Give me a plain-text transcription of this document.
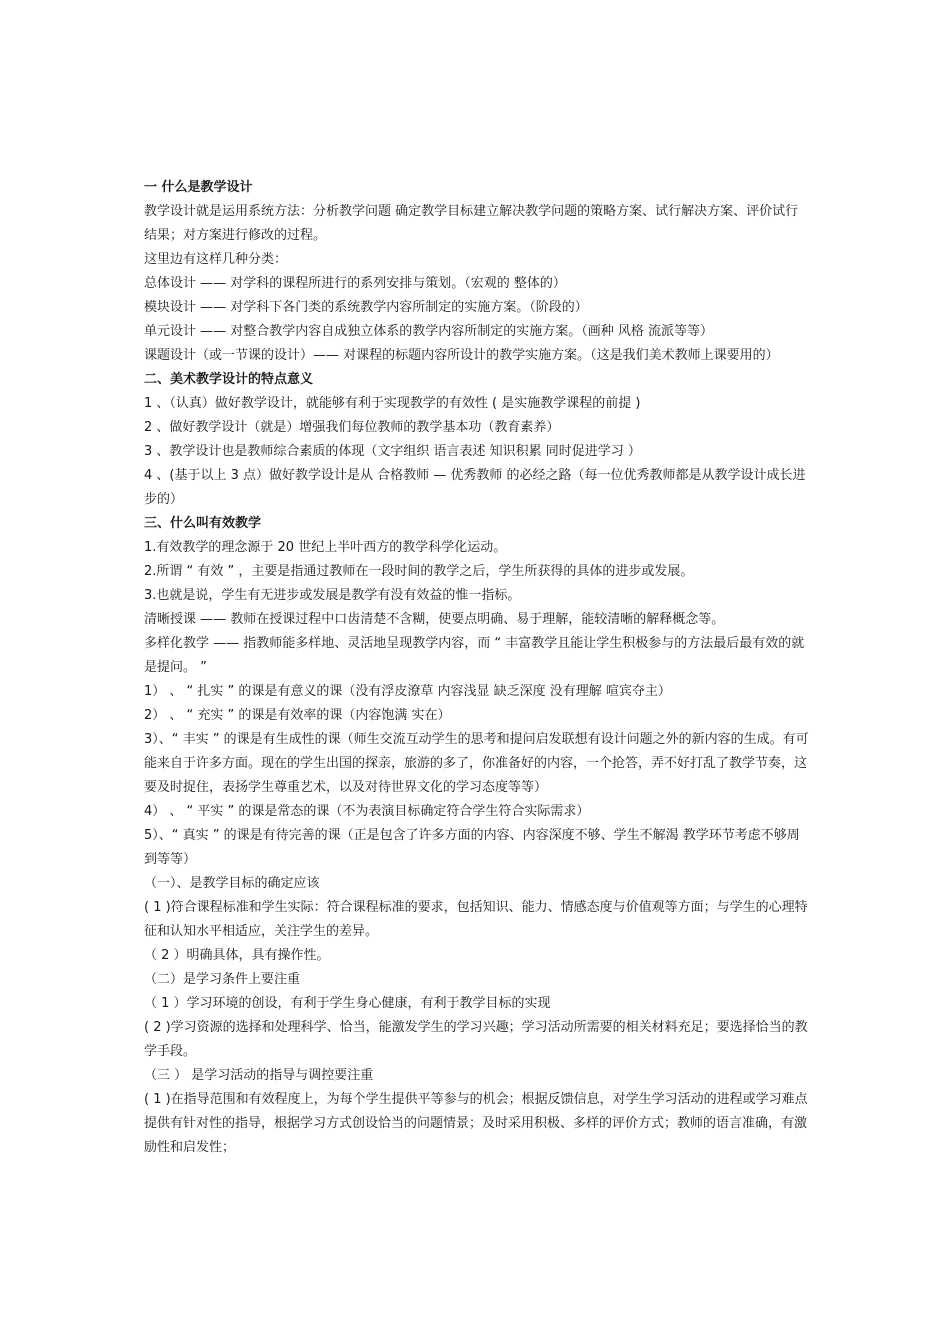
一 什么是教学设计

教学设计就是运用系统方法：分析教学问题 确定教学目标建立解决教学问题的策略方案、试行解决方案、评价试行结果；对方案进行修改的过程。

这里边有这样几种分类：

总体设计 —— 对学科的课程所进行的系列安排与策划。（宏观的 整体的）

模块设计 —— 对学科下各门类的系统教学内容所制定的实施方案。（阶段的）

单元设计 —— 对整合教学内容自成独立体系的教学内容所制定的实施方案。（画种 风格 流派等等）

课题设计（或一节课的设计）—— 对课程的标题内容所设计的教学实施方案。（这是我们美术教师上课要用的）

二、美术教学设计的特点意义

1 、（认真）做好教学设计，就能够有利于实现教学的有效性 ( 是实施教学课程的前提 )

2 、做好教学设计（就是）增强我们每位教师的教学基本功（教育素养）

3 、教学设计也是教师综合素质的体现（文字组织 语言表述 知识积累 同时促进学习 ）

4 、(基于以上 3 点）做好教学设计是从 合格教师 — 优秀教师 的必经之路（每一位优秀教师都是从教学设计成长进步的）

三、什么叫有效教学

1.有效教学的理念源于 20 世纪上半叶西方的教学科学化运动。

2.所谓 “ 有效 ” ，主要是指通过教师在一段时间的教学之后，学生所获得的具体的进步或发展。

3.也就是说，学生有无进步或发展是教学有没有效益的惟一指标。

清晰授课 —— 教师在授课过程中口齿清楚不含糊，使要点明确、易于理解，能较清晰的解释概念等。

多样化教学 —— 指教师能多样地、灵活地呈现教学内容，而 “ 丰富教学且能让学生积极参与的方法最后最有效的就是提问。 ”

1） 、 “ 扎实 ” 的课是有意义的课（没有浮皮潦草 内容浅显 缺乏深度 没有理解 喧宾夺主）

2） 、 “ 充实 ” 的课是有效率的课（内容饱满 实在）

3）、“ 丰实 ” 的课是有生成性的课（师生交流互动学生的思考和提问启发联想有设计问题之外的新内容的生成。有可能来自于许多方面。现在的学生出国的探亲，旅游的多了，你准备好的内容，一个抢答，弄不好打乱了教学节奏，这要及时捉住，表扬学生尊重艺术，以及对待世界文化的学习态度等等）

4） 、 “ 平实 ” 的课是常态的课（不为表演目标确定符合学生符合实际需求）

5）、“ 真实 ” 的课是有待完善的课（正是包含了许多方面的内容、内容深度不够、学生不解渴 教学环节考虑不够周到等等）

（一）、是教学目标的确定应该

( 1 )符合课程标准和学生实际：符合课程标准的要求，包括知识、能力、情感态度与价值观等方面；与学生的心理特征和认知水平相适应，关注学生的差异。

（ 2 ）明确具体，具有操作性。

（二）是学习条件上要注重

（ 1 ）学习环境的创设，有利于学生身心健康，有利于教学目标的实现

( 2 )学习资源的选择和处理科学、恰当，能激发学生的学习兴趣；学习活动所需要的相关材料充足；要选择恰当的教学手段。

（三 ） 是学习活动的指导与调控要注重

( 1 )在指导范围和有效程度上，为每个学生提供平等参与的机会；根据反馈信息，对学生学习活动的进程或学习难点提供有针对性的指导，根据学习方式创设恰当的问题情景；及时采用积极、多样的评价方式；教师的语言准确，有激励性和启发性；
